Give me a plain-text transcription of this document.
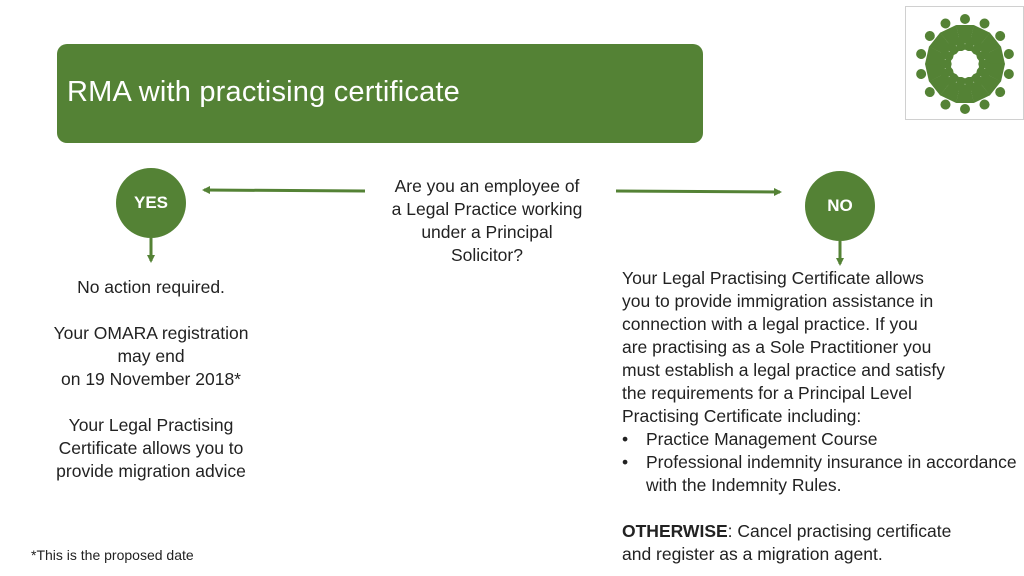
RMA with practising certificate
YES	NO
Are you an employee of
a Legal Practice working
under a Principal
Solicitor?

No action required.

Your OMARA registration

may end

on 19 November 2018*

Your Legal Practising

Certificate allows you to

provide migration advice

Your Legal Practising Certificate allows
you to provide immigration assistance in
connection with a legal practice. If you
are practising as a Sole Practitioner you
must establish a legal practice and satisfy
the requirements for a Principal Level
Practising Certificate including:
• Practice Management Course
• Professional indemnity insurance in accordance with the Indemnity Rules.
OTHERWISE: Cancel practising certificate
and register as a migration agent.
*This is the proposed date
